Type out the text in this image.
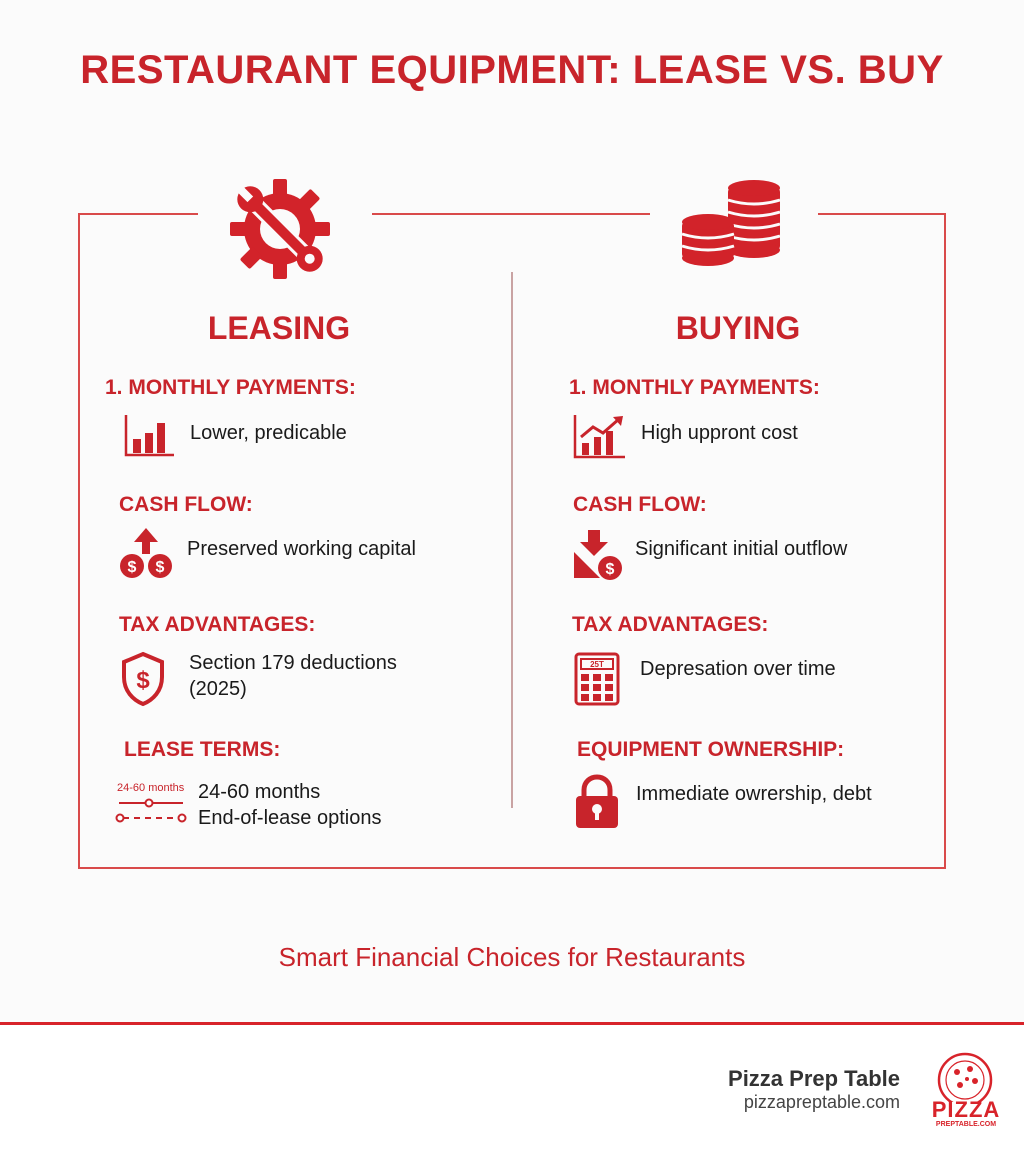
RESTAURANT EQUIPMENT: LEASE VS. BUY
LEASING	BUYING
1. MONTHLY PAYMENTS:
Lower, predicable
CASH FLOW:
$ $
Preserved working capital
TAX ADVANTAGES:
$
Section 179 deductions
(2025)
LEASE TERMS:
24-60 months 24-60 months
End-of-lease options
1. MONTHLY PAYMENTS:
High uppront cost
CASH FLOW:
$
Significant initial outflow
TAX ADVANTAGES:
25T Depresation over time
EQUIPMENT OWNERSHIP:
Immediate owrership, debt
Smart Financial Choices for Restaurants
Pizza Prep Table
pizzapreptable.com	PIZZA
PREPTABLE.COM
